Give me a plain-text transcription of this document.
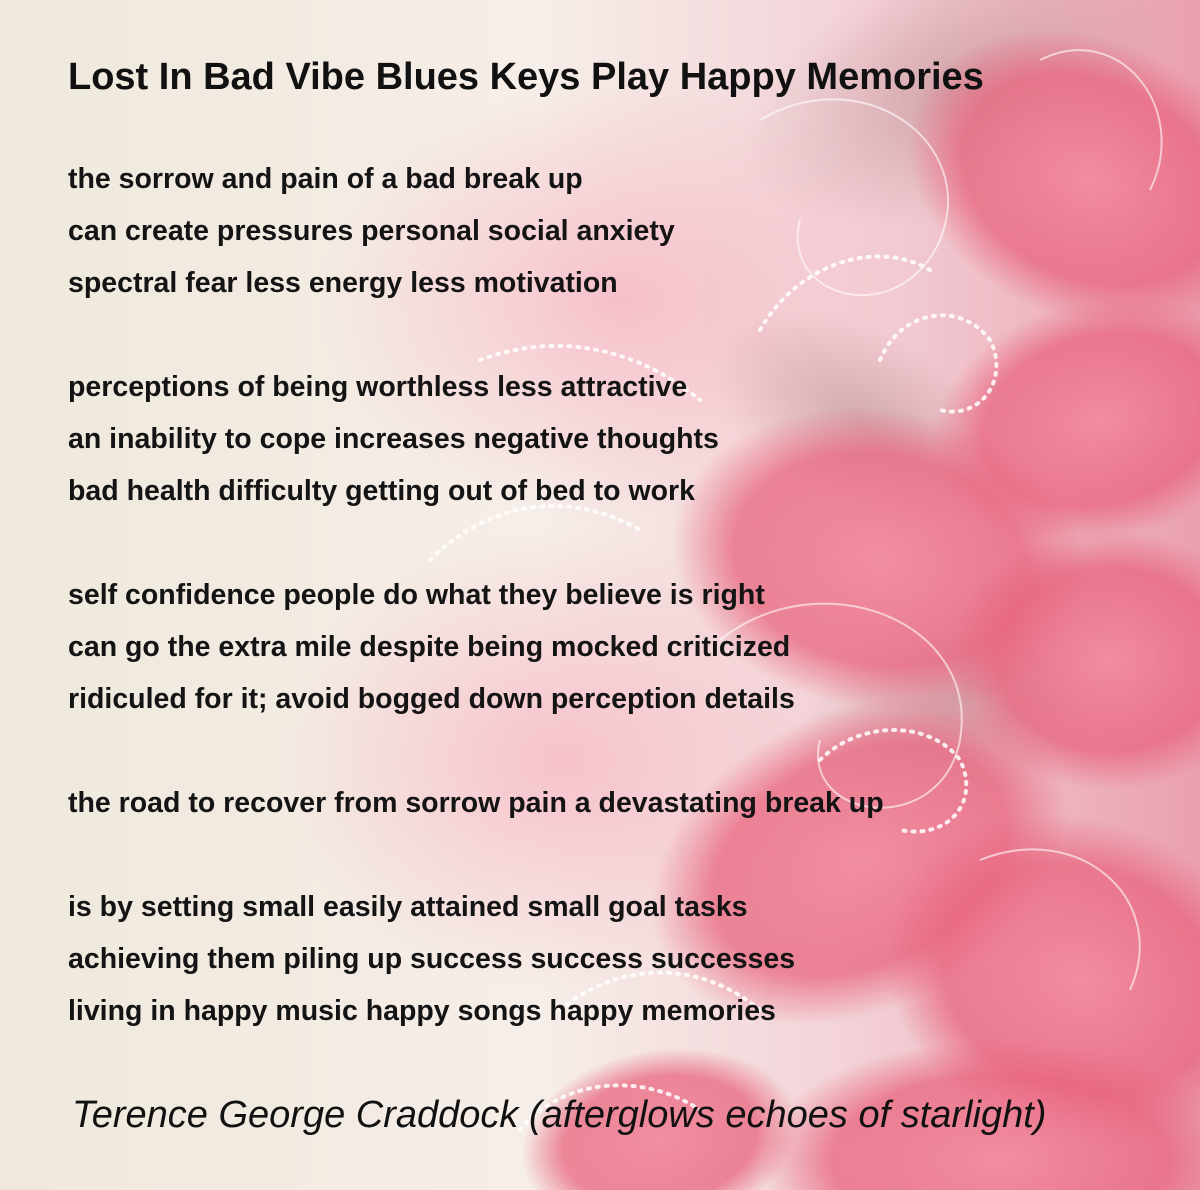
Lost In Bad Vibe Blues Keys Play Happy Memories
the sorrow and pain of a bad break up
can create pressures personal social anxiety
spectral fear less energy less motivation
perceptions of being worthless less attractive
an inability to cope increases negative thoughts
bad health difficulty getting out of bed to work
self confidence people do what they believe is right
can go the extra mile despite being mocked criticized
ridiculed for it; avoid bogged down perception details
the road to recover from sorrow pain a devastating break up
is by setting small easily attained small goal tasks
achieving them piling up success success successes
living in happy music happy songs happy memories

Terence George Craddock (afterglows echoes of starlight)
